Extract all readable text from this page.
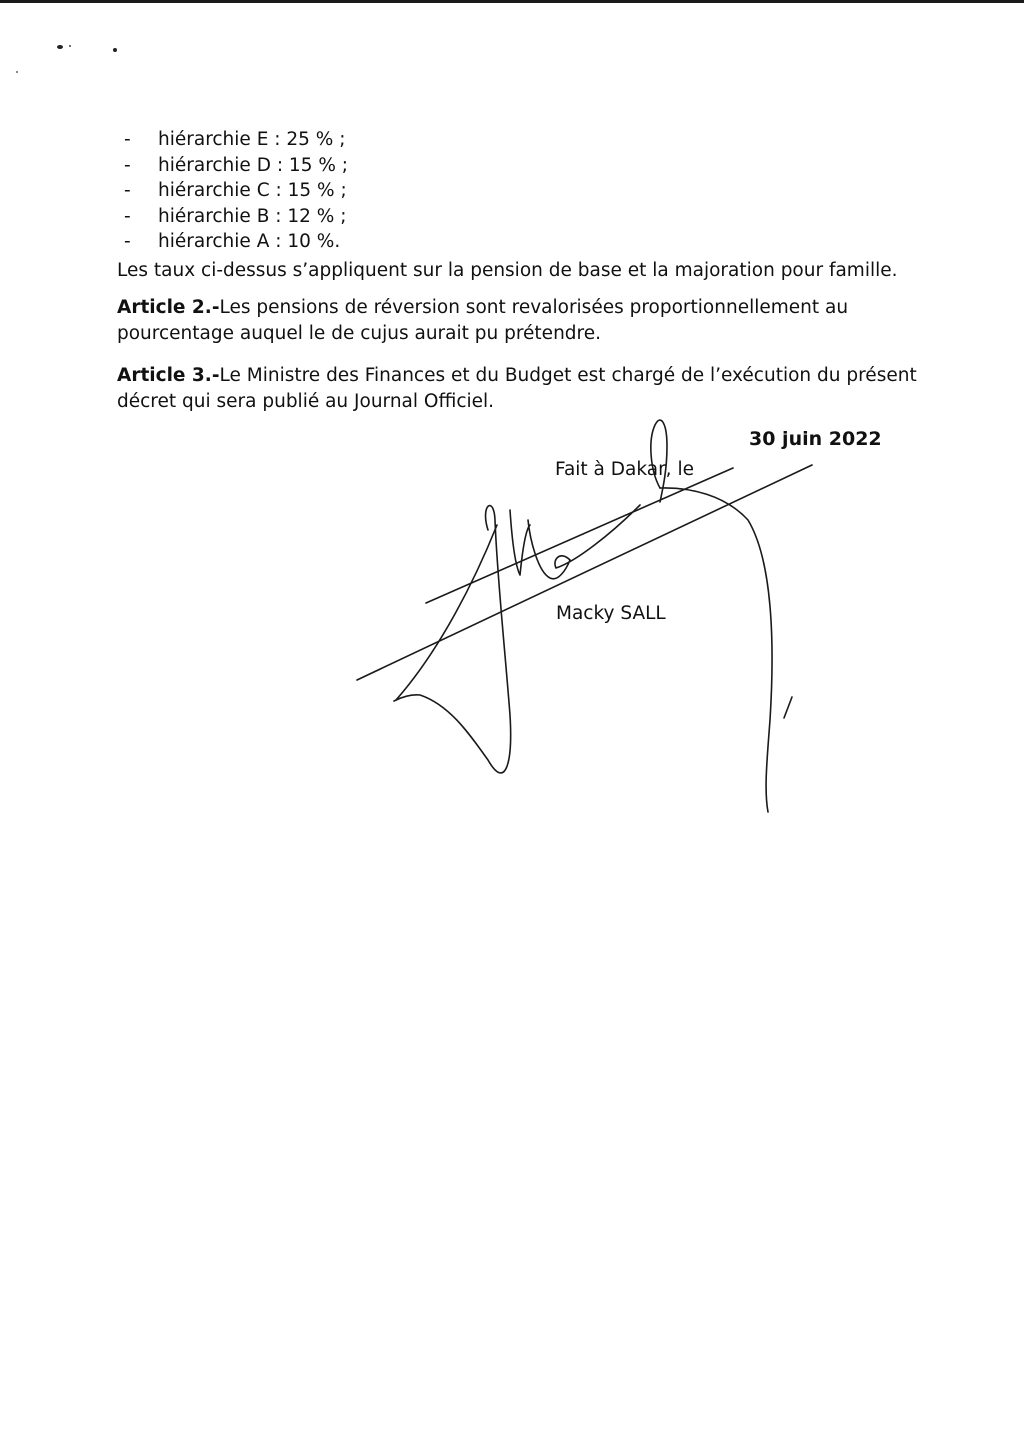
-	hiérarchie E : 25 % ;
-	hiérarchie D : 15 % ;
-	hiérarchie C : 15 % ;
-	hiérarchie B : 12 % ;
-	hiérarchie A : 10 %.

Les taux ci-dessus s’appliquent sur la pension de base et la majoration pour famille.

Article 2.-Les pensions de réversion sont revalorisées proportionnellement au
pourcentage auquel le de cujus aurait pu prétendre.

Article 3.-Le Ministre des Finances et du Budget est chargé de l’exécution du présent
décret qui sera publié au Journal Officiel.

30 juin 2022
Fait à Dakar, le
Macky SALL
